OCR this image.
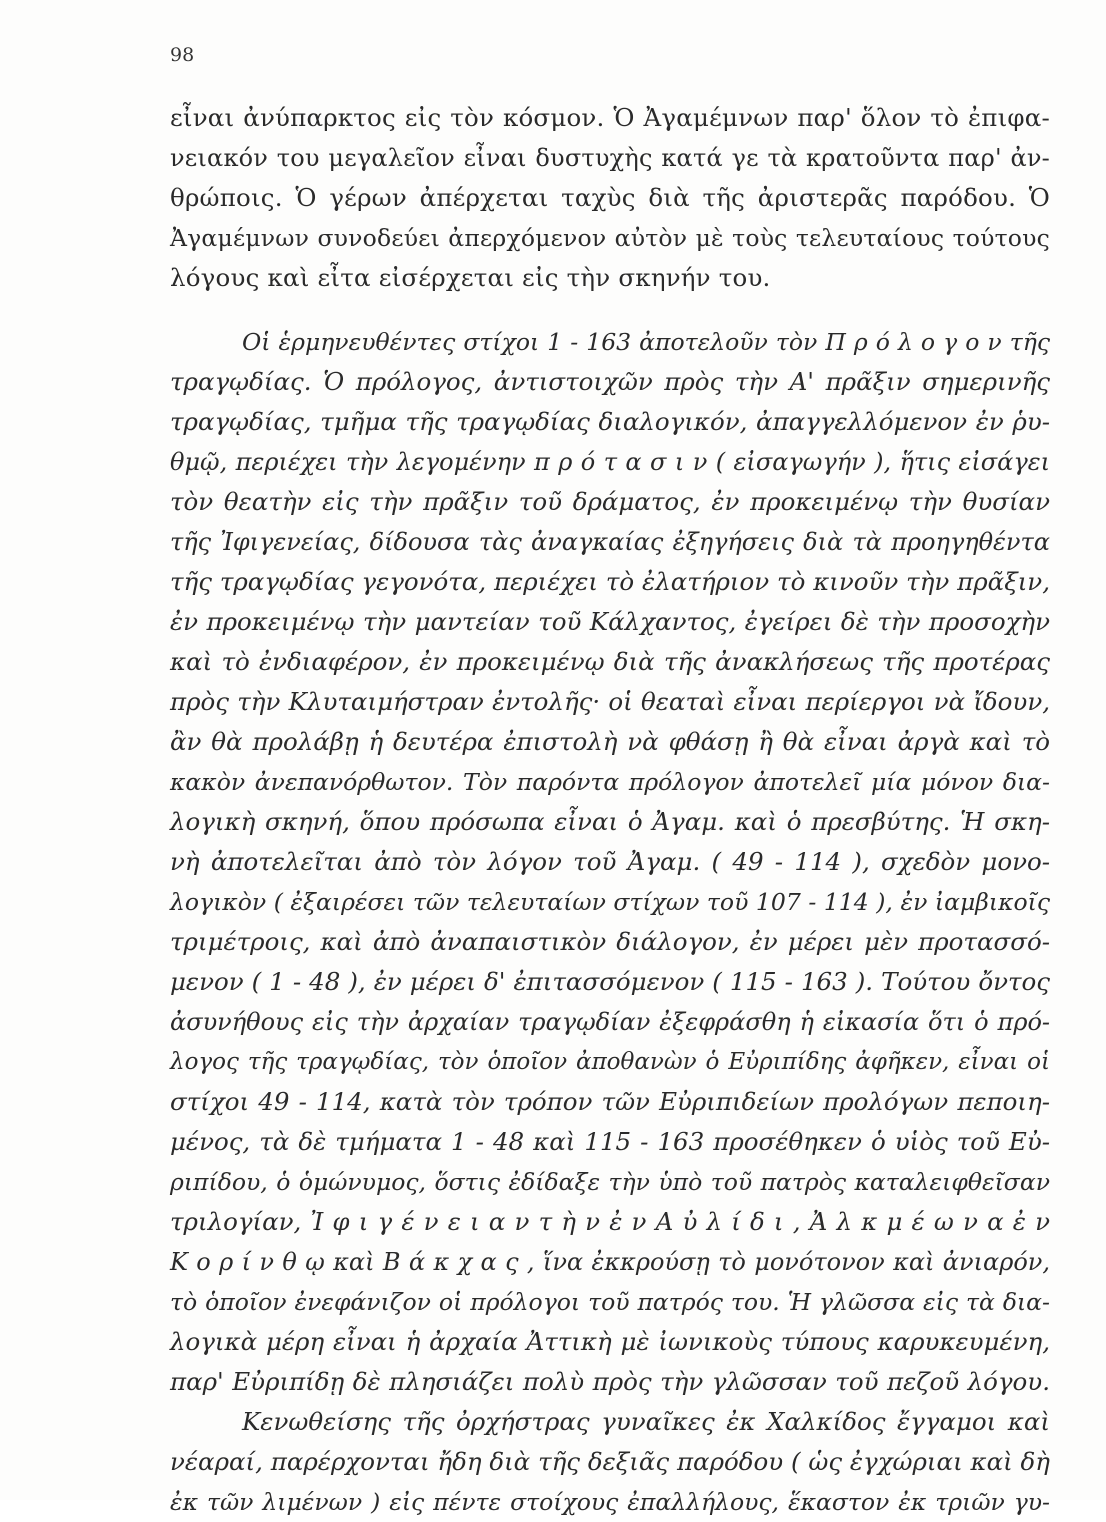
98
εἶναι ἀνύπαρκτος εἰς τὸν κόσμον. Ὁ Ἀγαμέμνων παρ' ὅλον τὸ ἐπιφα-
νειακόν του μεγαλεῖον εἶναι δυστυχὴς κατά γε τὰ κρατοῦντα παρ' ἀν-
θρώποις. Ὁ γέρων ἀπέρχεται ταχὺς διὰ τῆς ἀριστερᾶς παρόδου. Ὁ
Ἀγαμέμνων συνοδεύει ἀπερχόμενον αὐτὸν μὲ τοὺς τελευταίους τούτους
λόγους καὶ εἶτα εἰσέρχεται εἰς τὴν σκηνήν του.
Οἱ ἑρμηνευθέντες στίχοι 1 - 163 ἀποτελοῦν τὸν Π ρ ό λ ο γ ο ν τῆς
τραγῳδίας. Ὁ πρόλογος, ἀντιστοιχῶν πρὸς τὴν Α' πρᾶξιν σημερινῆς
τραγῳδίας, τμῆμα τῆς τραγῳδίας διαλογικόν, ἀπαγγελλόμενον ἐν ῥυ-
θμῷ, περιέχει τὴν λεγομένην π ρ ό τ α σ ι ν ( εἰσαγωγήν ), ἥτις εἰσάγει
τὸν θεατὴν εἰς τὴν πρᾶξιν τοῦ δράματος, ἐν προκειμένῳ τὴν θυσίαν
τῆς Ἰφιγενείας, δίδουσα τὰς ἀναγκαίας ἐξηγήσεις διὰ τὰ προηγηθέντα
τῆς τραγῳδίας γεγονότα, περιέχει τὸ ἐλατήριον τὸ κινοῦν τὴν πρᾶξιν,
ἐν προκειμένῳ τὴν μαντείαν τοῦ Κάλχαντος, ἐγείρει δὲ τὴν προσοχὴν
καὶ τὸ ἐνδιαφέρον, ἐν προκειμένῳ διὰ τῆς ἀνακλήσεως τῆς προτέρας
πρὸς τὴν Κλυταιμήστραν ἐντολῆς· οἱ θεαταὶ εἶναι περίεργοι νὰ ἴδουν,
ἂν θὰ προλάβῃ ἡ δευτέρα ἐπιστολὴ νὰ φθάσῃ ἢ θὰ εἶναι ἀργὰ καὶ τὸ
κακὸν ἀνεπανόρθωτον. Τὸν παρόντα πρόλογον ἀποτελεῖ μία μόνον δια-
λογικὴ σκηνή, ὅπου πρόσωπα εἶναι ὁ Ἀγαμ. καὶ ὁ πρεσβύτης. Ἡ σκη-
νὴ ἀποτελεῖται ἀπὸ τὸν λόγον τοῦ Ἀγαμ. ( 49 - 114 ), σχεδὸν μονο-
λογικὸν ( ἐξαιρέσει τῶν τελευταίων στίχων τοῦ 107 - 114 ), ἐν ἰαμβικοῖς
τριμέτροις, καὶ ἀπὸ ἀναπαιστικὸν διάλογον, ἐν μέρει μὲν προτασσό-
μενον ( 1 - 48 ), ἐν μέρει δ' ἐπιτασσόμενον ( 115 - 163 ). Τούτου ὄντος
ἀσυνήθους εἰς τὴν ἀρχαίαν τραγῳδίαν ἐξεφράσθη ἡ εἰκασία ὅτι ὁ πρό-
λογος τῆς τραγῳδίας, τὸν ὁποῖον ἀποθανὼν ὁ Εὐριπίδης ἀφῆκεν, εἶναι οἱ
στίχοι 49 - 114, κατὰ τὸν τρόπον τῶν Εὐριπιδείων προλόγων πεποιη-
μένος, τὰ δὲ τμήματα 1 - 48 καὶ 115 - 163 προσέθηκεν ὁ υἱὸς τοῦ Εὐ-
ριπίδου, ὁ ὁμώνυμος, ὅστις ἐδίδαξε τὴν ὑπὸ τοῦ πατρὸς καταλειφθεῖσαν
τριλογίαν, Ἰ φ ι γ έ ν ε ι α ν τ ὴ ν ἐ ν Α ὐ λ ί δ ι , Ἀ λ κ μ έ ω ν α ἐ ν
Κ ο ρ ί ν θ ῳ καὶ Β ά κ χ α ς , ἵνα ἐκκρούσῃ τὸ μονότονον καὶ ἀνιαρόν,
τὸ ὁποῖον ἐνεφάνιζον οἱ πρόλογοι τοῦ πατρός του. Ἡ γλῶσσα εἰς τὰ δια-
λογικὰ μέρη εἶναι ἡ ἀρχαία Ἀττικὴ μὲ ἰωνικοὺς τύπους καρυκευμένη,
παρ' Εὐριπίδῃ δὲ πλησιάζει πολὺ πρὸς τὴν γλῶσσαν τοῦ πεζοῦ λόγου.
Κενωθείσης τῆς ὀρχήστρας γυναῖκες ἐκ Χαλκίδος ἔγγαμοι καὶ
νέαραί, παρέρχονται ἤδη διὰ τῆς δεξιᾶς παρόδου ( ὡς ἐγχώριαι καὶ δὴ
ἐκ τῶν λιμένων ) εἰς πέντε στοίχους ἐπαλλήλους, ἕκαστον ἐκ τριῶν γυ-
